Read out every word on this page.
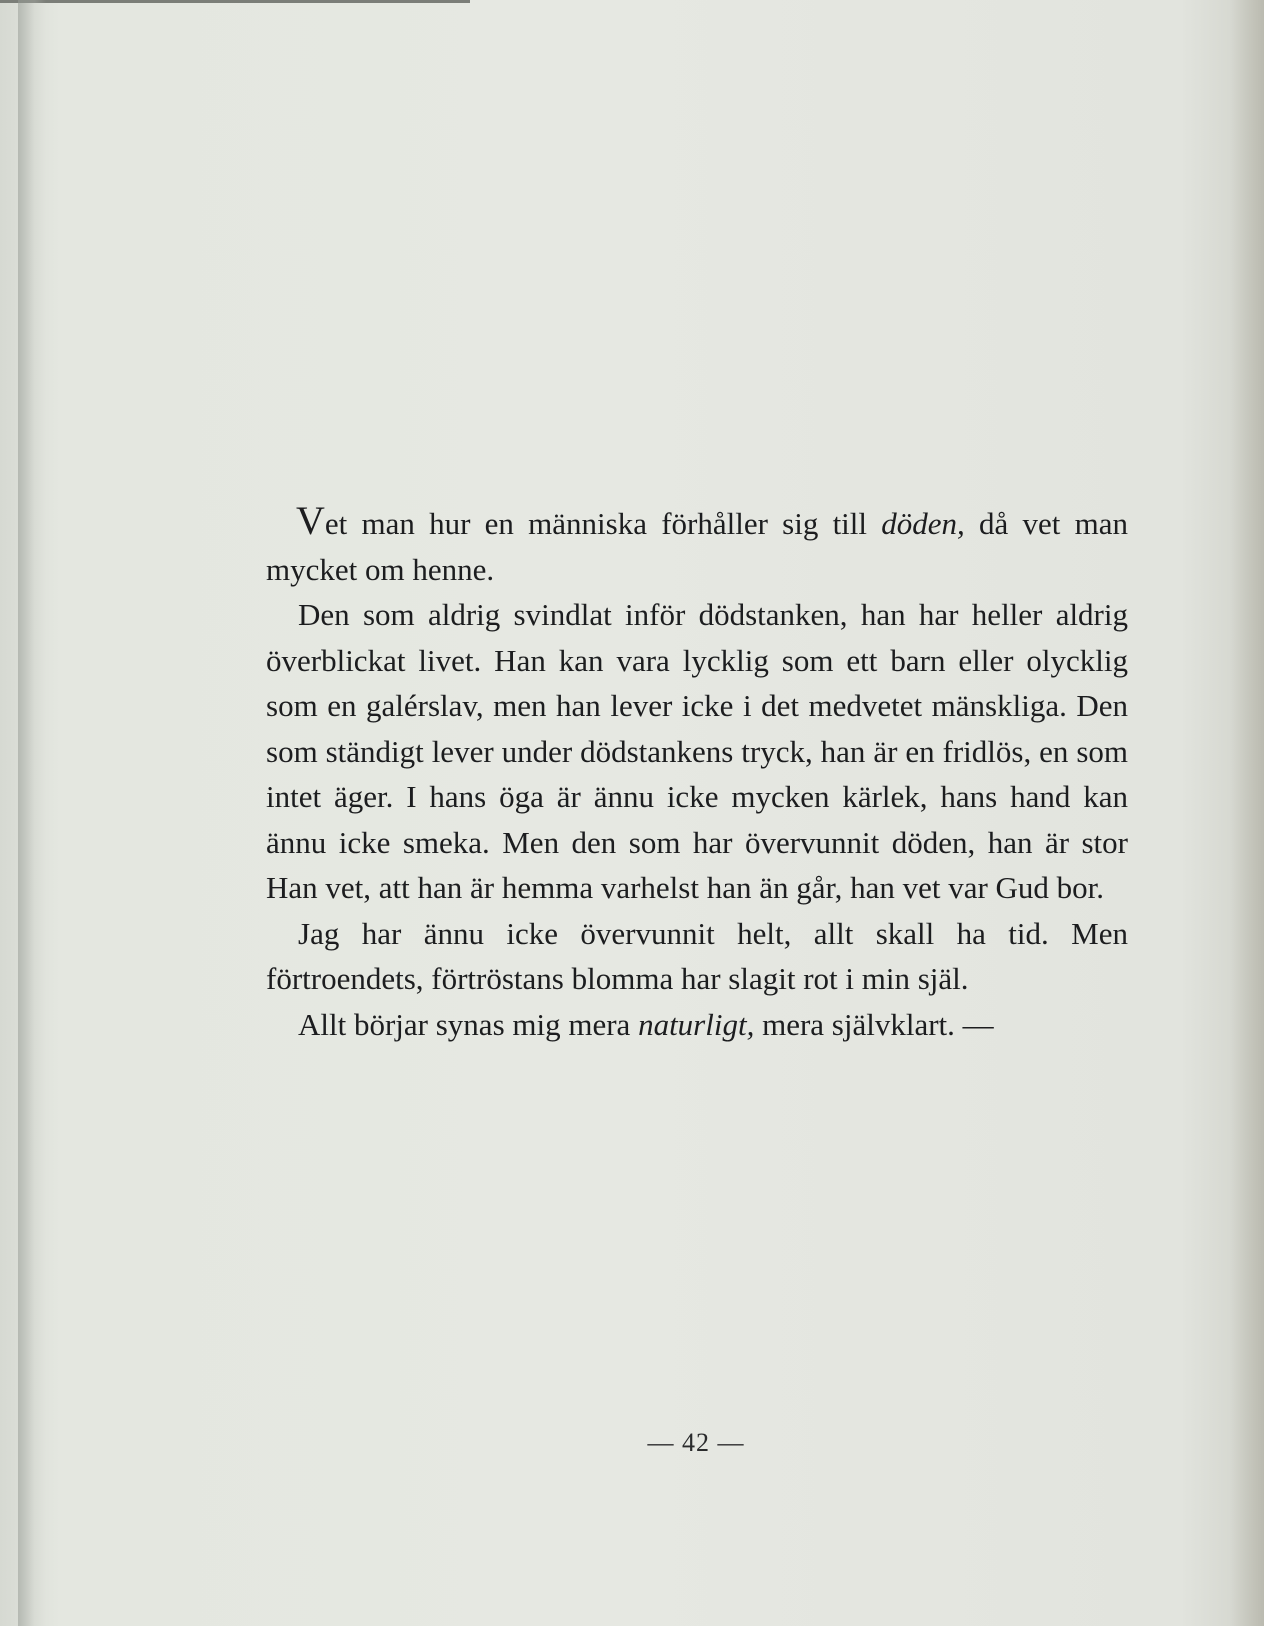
Vet man hur en människa förhåller sig till döden, då vet man mycket om henne.

Den som aldrig svindlat inför dödstanken, han har heller aldrig överblickat livet. Han kan vara lycklig som ett barn eller olycklig som en galérslav, men han lever icke i det medvetet mänskliga. Den som ständigt lever under dödstankens tryck, han är en fridlös, en som intet äger. I hans öga är ännu icke mycken kärlek, hans hand kan ännu icke smeka. Men den som har övervunnit döden, han är stor Han vet, att han är hemma varhelst han än går, han vet var Gud bor.

Jag har ännu icke övervunnit helt, allt skall ha tid. Men förtroendets, förtröstans blomma har slagit rot i min själ.

Allt börjar synas mig mera naturligt, mera självklart. —

— 42 —
